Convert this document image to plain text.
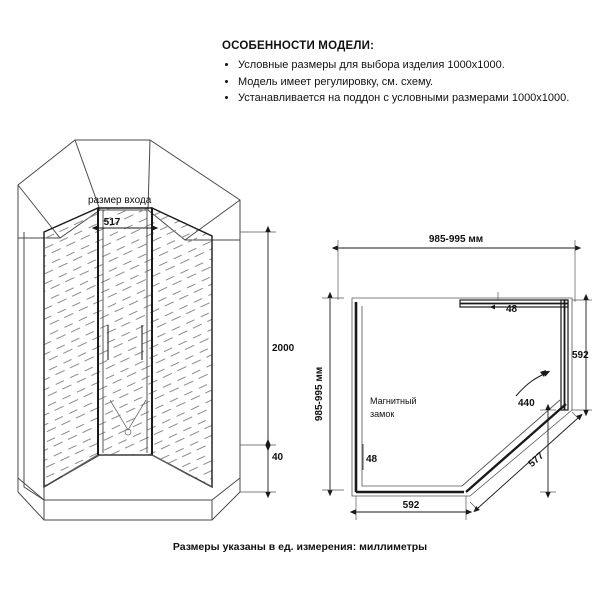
ОСОБЕННОСТИ МОДЕЛИ:

• Условные размеры для выбора изделия 1000x1000.
• Модель имеет регулировку, см. схему.
• Устанавливается на поддон с условными размерами 1000x1000.
размер входа
517
2000
40
985-995 мм
985-995 мм	Магнитный
замок
48
592
440
48	577
592
Размеры указаны в ед. измерения: миллиметры
